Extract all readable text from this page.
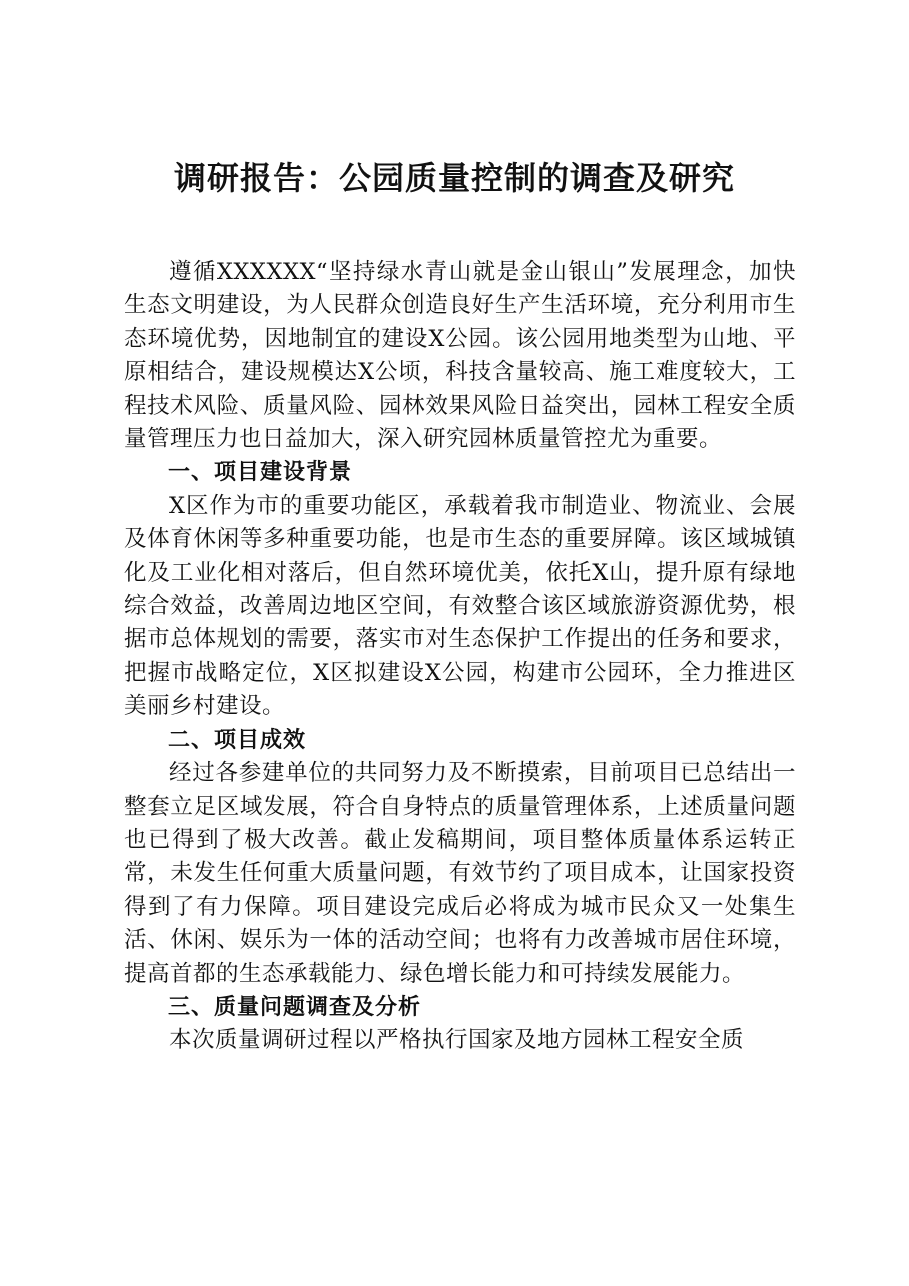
调研报告：公园质量控制的调查及研究

遵循XXXXXX“坚持绿水青山就是金山银山”发展理念，加快生态文明建设，为人民群众创造良好生产生活环境，充分利用市生态环境优势，因地制宜的建设X公园。该公园用地类型为山地、平原相结合，建设规模达X公顷，科技含量较高、施工难度较大，工程技术风险、质量风险、园林效果风险日益突出，园林工程安全质量管理压力也日益加大，深入研究园林质量管控尤为重要。

一、项目建设背景

X区作为市的重要功能区，承载着我市制造业、物流业、会展及体育休闲等多种重要功能，也是市生态的重要屏障。该区域城镇化及工业化相对落后，但自然环境优美，依托X山，提升原有绿地综合效益，改善周边地区空间，有效整合该区域旅游资源优势，根据市总体规划的需要，落实市对生态保护工作提出的任务和要求，把握市战略定位，X区拟建设X公园，构建市公园环，全力推进区美丽乡村建设。

二、项目成效

经过各参建单位的共同努力及不断摸索，目前项目已总结出一整套立足区域发展，符合自身特点的质量管理体系，上述质量问题也已得到了极大改善。截止发稿期间，项目整体质量体系运转正常，未发生任何重大质量问题，有效节约了项目成本，让国家投资得到了有力保障。项目建设完成后必将成为城市民众又一处集生活、休闲、娱乐为一体的活动空间；也将有力改善城市居住环境，提高首都的生态承载能力、绿色增长能力和可持续发展能力。

三、质量问题调查及分析

本次质量调研过程以严格执行国家及地方园林工程安全质
